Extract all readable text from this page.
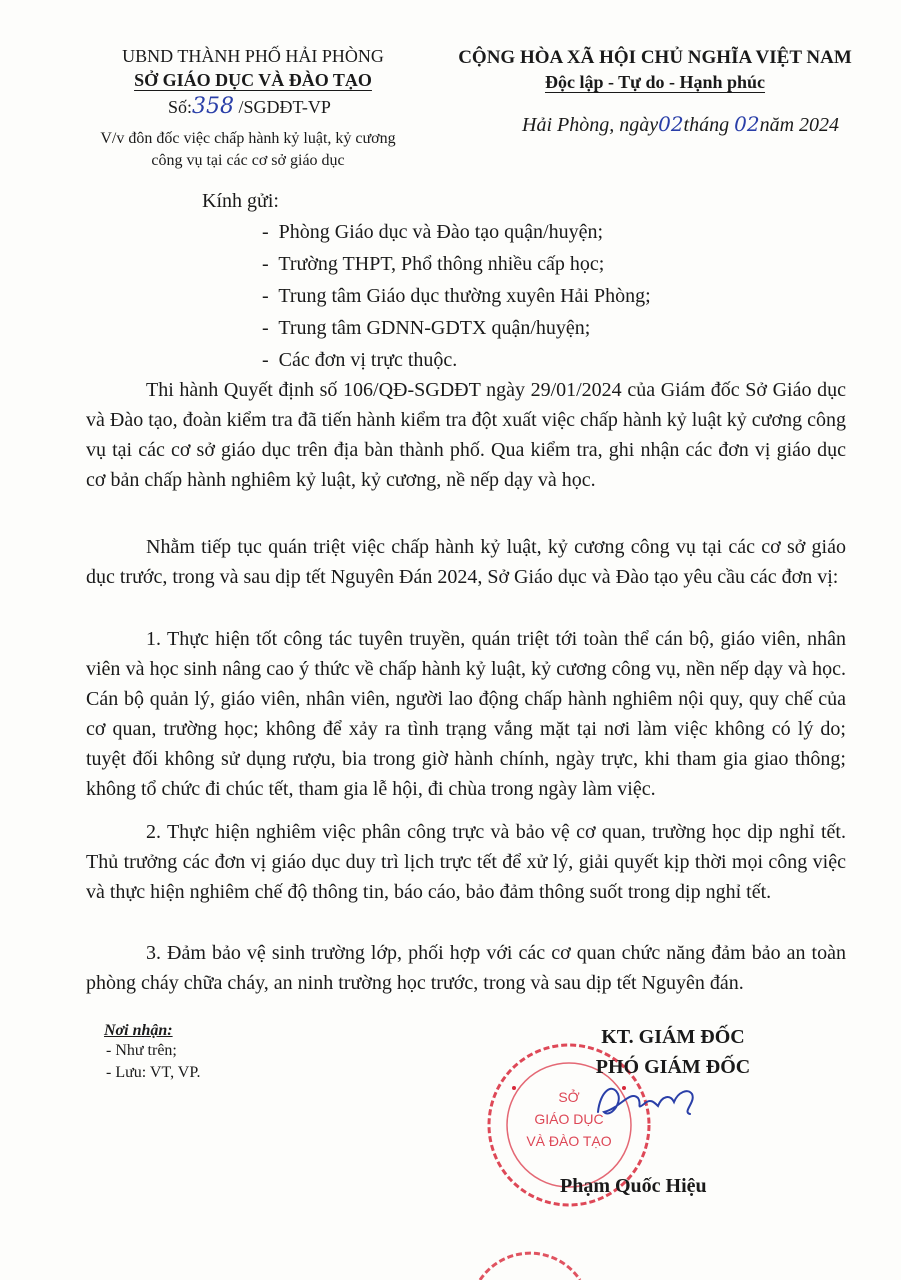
UBND THÀNH PHỐ HẢI PHÒNG
SỞ GIÁO DỤC VÀ ĐÀO TẠO
CỘNG HÒA XÃ HỘI CHỦ NGHĨA VIỆT NAM
Độc lập - Tự do - Hạnh phúc
Số:358 /SGDĐT-VP
V/v đôn đốc việc chấp hành kỷ luật, kỷ cương
công vụ tại các cơ sở giáo dục
Hải Phòng, ngày02tháng 02năm 2024
Kính gửi:
- Phòng Giáo dục và Đào tạo quận/huyện;
- Trường THPT, Phổ thông nhiều cấp học;
- Trung tâm Giáo dục thường xuyên Hải Phòng;
- Trung tâm GDNN-GDTX quận/huyện;
- Các đơn vị trực thuộc.
Thi hành Quyết định số 106/QĐ-SGDĐT ngày 29/01/2024 của Giám đốc Sở Giáo dục và Đào tạo, đoàn kiểm tra đã tiến hành kiểm tra đột xuất việc chấp hành kỷ luật kỷ cương công vụ tại các cơ sở giáo dục trên địa bàn thành phố. Qua kiểm tra, ghi nhận các đơn vị giáo dục cơ bản chấp hành nghiêm kỷ luật, kỷ cương, nề nếp dạy và học.
Nhằm tiếp tục quán triệt việc chấp hành kỷ luật, kỷ cương công vụ tại các cơ sở giáo dục trước, trong và sau dịp tết Nguyên Đán 2024, Sở Giáo dục và Đào tạo yêu cầu các đơn vị:
1. Thực hiện tốt công tác tuyên truyền, quán triệt tới toàn thể cán bộ, giáo viên, nhân viên và học sinh nâng cao ý thức về chấp hành kỷ luật, kỷ cương công vụ, nền nếp dạy và học. Cán bộ quản lý, giáo viên, nhân viên, người lao động chấp hành nghiêm nội quy, quy chế của cơ quan, trường học; không để xảy ra tình trạng vắng mặt tại nơi làm việc không có lý do; tuyệt đối không sử dụng rượu, bia trong giờ hành chính, ngày trực, khi tham gia giao thông; không tổ chức đi chúc tết, tham gia lễ hội, đi chùa trong ngày làm việc.
2. Thực hiện nghiêm việc phân công trực và bảo vệ cơ quan, trường học dịp nghỉ tết. Thủ trưởng các đơn vị giáo dục duy trì lịch trực tết để xử lý, giải quyết kịp thời mọi công việc và thực hiện nghiêm chế độ thông tin, báo cáo, bảo đảm thông suốt trong dịp nghỉ tết.
3. Đảm bảo vệ sinh trường lớp, phối hợp với các cơ quan chức năng đảm bảo an toàn phòng cháy chữa cháy, an ninh trường học trước, trong và sau dịp tết Nguyên đán.
Nơi nhận:
- Như trên;
- Lưu: VT, VP.
SỞ
GIÁO DỤC
VÀ ĐÀO TẠO
KT. GIÁM ĐỐC
PHÓ GIÁM ĐỐC
Phạm Quốc Hiệu
